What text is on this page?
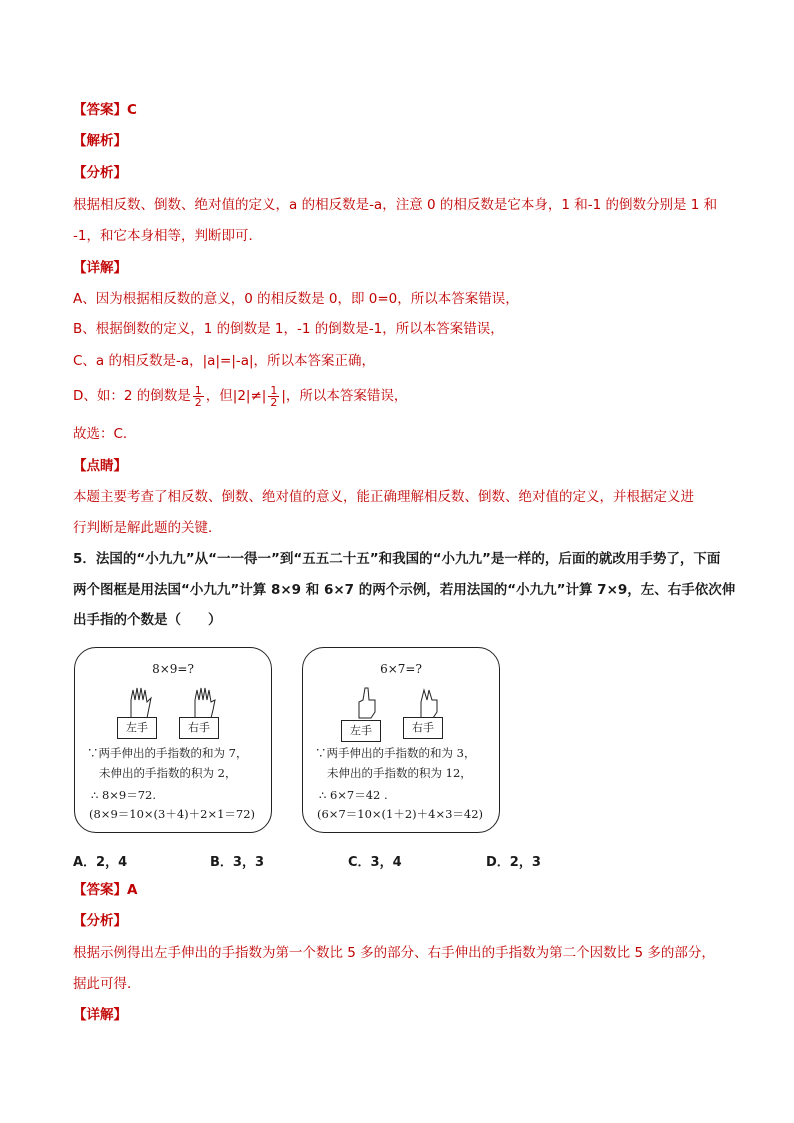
【答案】C
【解析】
【分析】
根据相反数、倒数、绝对值的定义，a 的相反数是-a，注意 0 的相反数是它本身，1 和-1 的倒数分别是 1 和
-1，和它本身相等，判断即可．
【详解】
A、因为根据相反数的意义，0 的相反数是 0，即 0=0，所以本答案错误，
B、根据倒数的定义，1 的倒数是 1，-1 的倒数是-1，所以本答案错误，
C、a 的相反数是-a，|a|=|-a|，所以本答案正确，
D、如：2 的倒数是 $\frac{1}{2}$ ，但$|2|\ne| \frac{1}{2}$ |，所以本答案错误，
故选：C．
【点睛】
本题主要考查了相反数、倒数、绝对值的意义，能正确理解相反数、倒数、绝对值的定义，并根据定义进
行判断是解此题的关键．
5．法国的“小九九”从“一一得一”到“五五二十五”和我国的“小九九”是一样的，后面的就改用手势了，下面
两个图框是用法国“小九九”计算 8×9 和 6×7 的两个示例，若用法国的“小九九”计算 7×9，左、右手依次伸
出手指的个数是（　　）
8×9=?
左手	右手
∵两手伸出的手指数的和为 7，
未伸出的手指数的积为 2，
∴ 8×9＝72.
(8×9＝10×(3＋4)＋2×1＝72)
6×7=?
左手	右手
∵两手伸出的手指数的和为 3，
未伸出的手指数的积为 12，
∴ 6×7＝42 .
(6×7＝10×(1＋2)＋4×3＝42)
A．2，4	B．3，3	C．3，4	D．2，3
【答案】A
【分析】
根据示例得出左手伸出的手指数为第一个数比 5 多的部分、右手伸出的手指数为第二个因数比 5 多的部分，
据此可得．
【详解】
